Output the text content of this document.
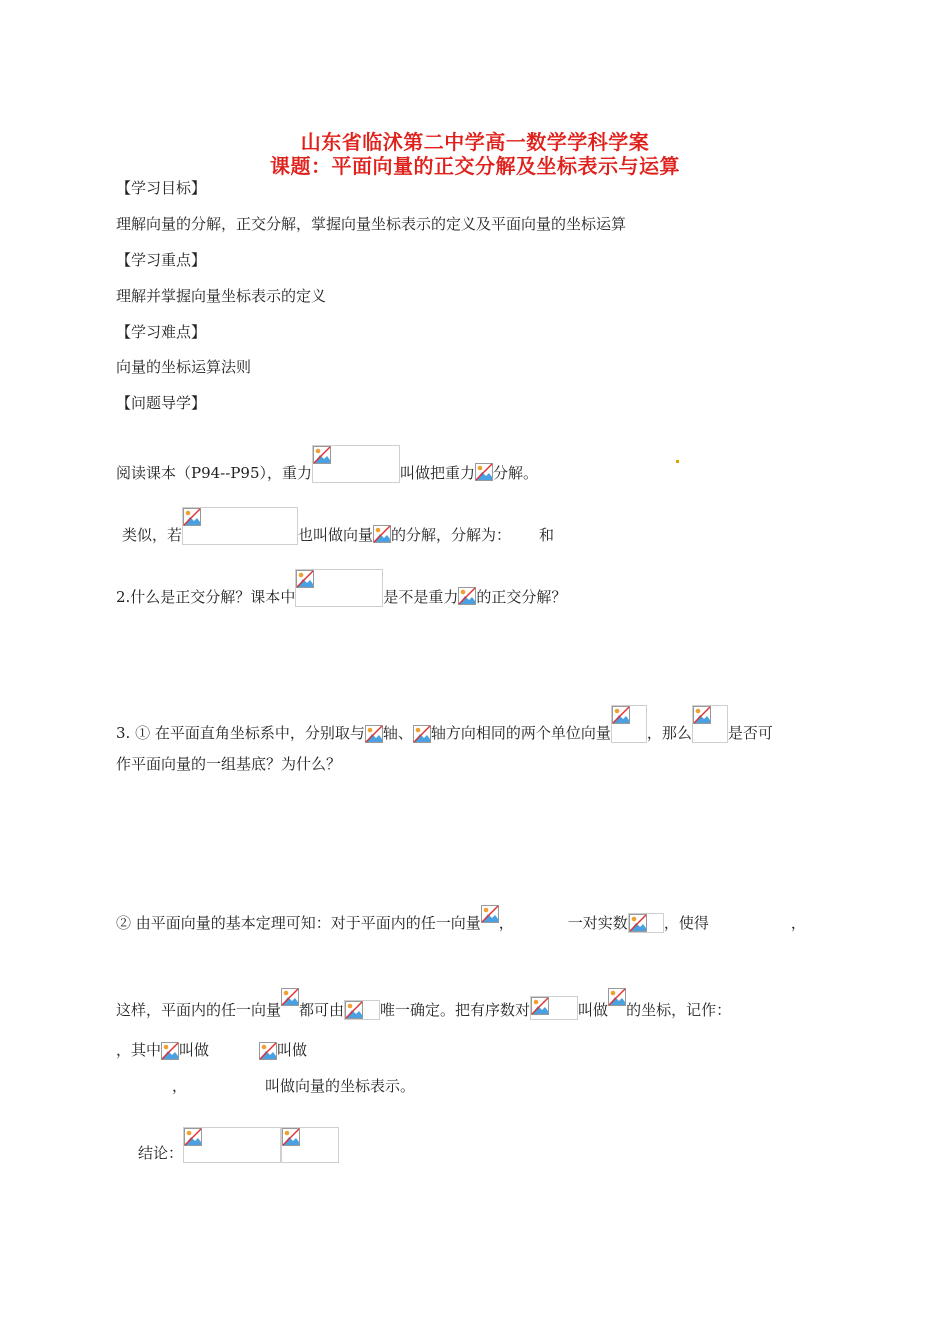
山东省临沭第二中学高一数学学科学案
课题：平面向量的正交分解及坐标表示与运算
【学习目标】
理解向量的分解，正交分解，掌握向量坐标表示的定义及平面向量的坐标运算
【学习重点】
理解并掌握向量坐标表示的定义
【学习难点】
向量的坐标运算法则
【问题导学】
阅读课本（P94--P95），重力	叫做把重力 分解。
类似，若	也叫做向量 的分解，分解为： 和
2.什么是正交分解？课本中	是不是重力 的正交分解？
3. ① 在平面直角坐标系中，分别取与 轴、 轴方向相同的两个单位向量 ，那么 是否可
作平面向量的一组基底？为什么？
② 由平面向量的基本定理可知：对于平面内的任一向量 ，	一对实数 ，使得	，
这样，平面内的任一向量 都可由 唯一确定。把有序数对	叫做 的坐标，记作：
，其中 叫做	叫做
，	叫做向量的坐标表示。
结论：
